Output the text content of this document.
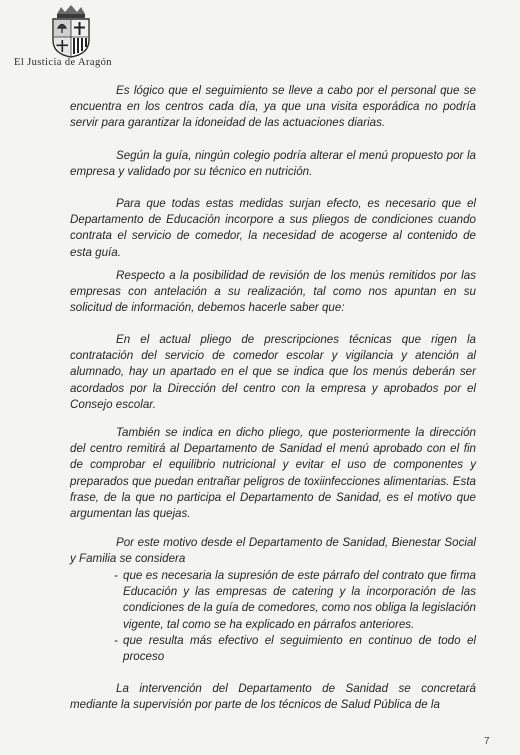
El Justicia de Aragón
Es lógico que el seguimiento se lleve a cabo por el personal que se encuentra en los centros cada día, ya que una visita esporádica no podría servir para garantizar la idoneidad de las actuaciones diarias.
Según la guía, ningún colegio podría alterar el menú propuesto por la empresa y validado por su técnico en nutrición.
Para que todas estas medidas surjan efecto, es necesario que el Departamento de Educación incorpore a sus pliegos de condiciones cuando contrata el servicio de comedor, la necesidad de acogerse al contenido de esta guía.
Respecto a la posibilidad de revisión de los menús remitidos por las empresas con antelación a su realización, tal como nos apuntan en su solicitud de información, debemos hacerle saber que:
En el actual pliego de prescripciones técnicas que rigen la contratación del servicio de comedor escolar y vigilancia y atención al alumnado, hay un apartado en el que se indica que los menús deberán ser acordados por la Dirección del centro con la empresa y aprobados por el Consejo escolar.
También se indica en dicho pliego, que posteriormente la dirección del centro remitirá al Departamento de Sanidad el menú aprobado con el fin de comprobar el equilibrio nutricional y evitar el uso de componentes y preparados que puedan entrañar peligros de toxiinfecciones alimentarias. Esta frase, de la que no participa el Departamento de Sanidad, es el motivo que argumentan las quejas.
Por este motivo desde el Departamento de Sanidad, Bienestar Social y Familia se considera
- que es necesaria la supresión de este párrafo del contrato que firma Educación y las empresas de catering y la incorporación de las condiciones de la guía de comedores, como nos obliga la legislación vigente, tal como se ha explicado en párrafos anteriores.
- que resulta más efectivo el seguimiento en continuo de todo el proceso
La intervención del Departamento de Sanidad se concretará mediante la supervisión por parte de los técnicos de Salud Pública de la
7
